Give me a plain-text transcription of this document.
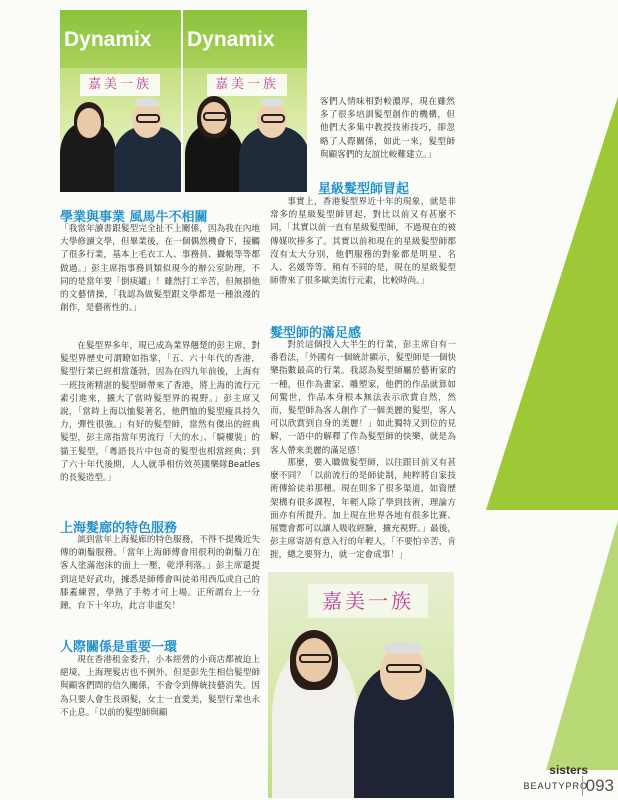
Dynamix
嘉美一族
Dynamix
嘉美一族
嘉美一族

客們人情味相對較濃厚，現在雖然多了很多培訓髮型創作的機構，但他們大多集中教授技術技巧，卻忽略了人際關係，如此一來，髮型師與顧客們的友誼比較難建立。」

學業與事業 風馬牛不相關

「我當年讀書跟髮型完全扯不上關係，因為我在內地大學修讀文學，但畢業後，在一個偶然機會下，接觸了很多行業，基本上毛衣工人、事務員、攝帳等等都做過。」彭主席指事務員類似現今的辦公室助理，不同的是當年要「倒痰罐」！雖然打工辛苦，但無損他的文藝情操，「我認為做髮型跟文學都是一種浪漫的創作，是藝術性的。」

在髮型界多年，現已成為業界翹楚的彭主席，對髮型界歷史可謂瞭如指掌，「五、六十年代的香港，髮型行業已經相當蓬勃，因為在四九年前後，上海有一班技術精湛的髮型師帶來了香港，將上海的流行元素引進來，擴大了當時髮型界的視野。」彭主席又說，「當時上海以恤髮著名，他們恤的髮型瘦具持久力，彈性很強。」有好的髮型師，當然有傑出的經典髮型，彭主席指當年男流行「大的水」、「騎樓裝」的貓王髮型，「粵語長片中包奇的髮型也相當經典；到了六十年代後期，人人就爭相仿效英國樂隊Beatles的長髮造型。」

上海髮廊的特色服務

談到當年上海髮廊的特色服務，不得不提幾近失傳的剃鬚服務。「當年上海師傅會用很利的剃鬚刀在客人塗滿泡沫的面上一壓，乾淨利落。」彭主席還提到這是好武功，據悉是師傅會叫徒弟用西瓜或自己的膝蓋練習，學熟了手勢才可上場。正所謂台上一分鐘，台下十年功，此言非虛矣！

人際關係是重要一環

現在香港租金委升，小本經營的小商店都被迫上絕境，上海理髮店也不例外。但是彭先生相信髮型師與顧客們間的信久關係，不會令到傳統技藝消失。因為只要人會生長頭髮，女士一直愛美，髮型行業也永不止息。「以前的髮型師與顧

星級髮型師冒起

事實上，香港髮型界近十年的現象，就是非常多的星級髮型師冒起，對比以前又有甚麼不同，「其實以前一直有星級髮型師，不過現在的被傳媒吹捧多了。其實以前和現在的星級髮型師都沒有太大分別，他們服務的對象都是明星、名人、名媛等等。稍有不同的是，現在的星級髮型師帶來了很多歐美流行元素，比較時尚。」

髮型師的滿足感

對於這個投入大半生的行業，彭主席自有一番看法，「外國有一個統計顯示，髮型師是一個快樂指數最高的行業。我認為髮型師屬於藝術家的一種，但作為畫家、雕塑家，他們的作品就算如何驚世，作品本身根本無法表示欣賞自然，然而，髮型師為客人創作了一個美麗的髮型，客人可以欣賞到自身的美麗！」如此獨特又到位的見解，一語中的解釋了作為髮型師的快樂，就是為客人帶來美麗的滿足感！

那麼，要入職做髮型師，以往跟目前又有甚麼不同？「以前流行的是師徒制，純粹將自家技術傳給徒弟那種。現在則多了很多渠道，如資歷架構有很多課程，年輕人除了學到技術，理論方面亦有所提升。加上現在世界各地有很多比賽、展覽會都可以讓人吸收經驗，擴充視野。」最後，彭主席寄語有意入行的年輕人，「不要怕辛苦，肯捱，總之要努力，就一定會成事！」

sisters
BEAUTYPRO
093
